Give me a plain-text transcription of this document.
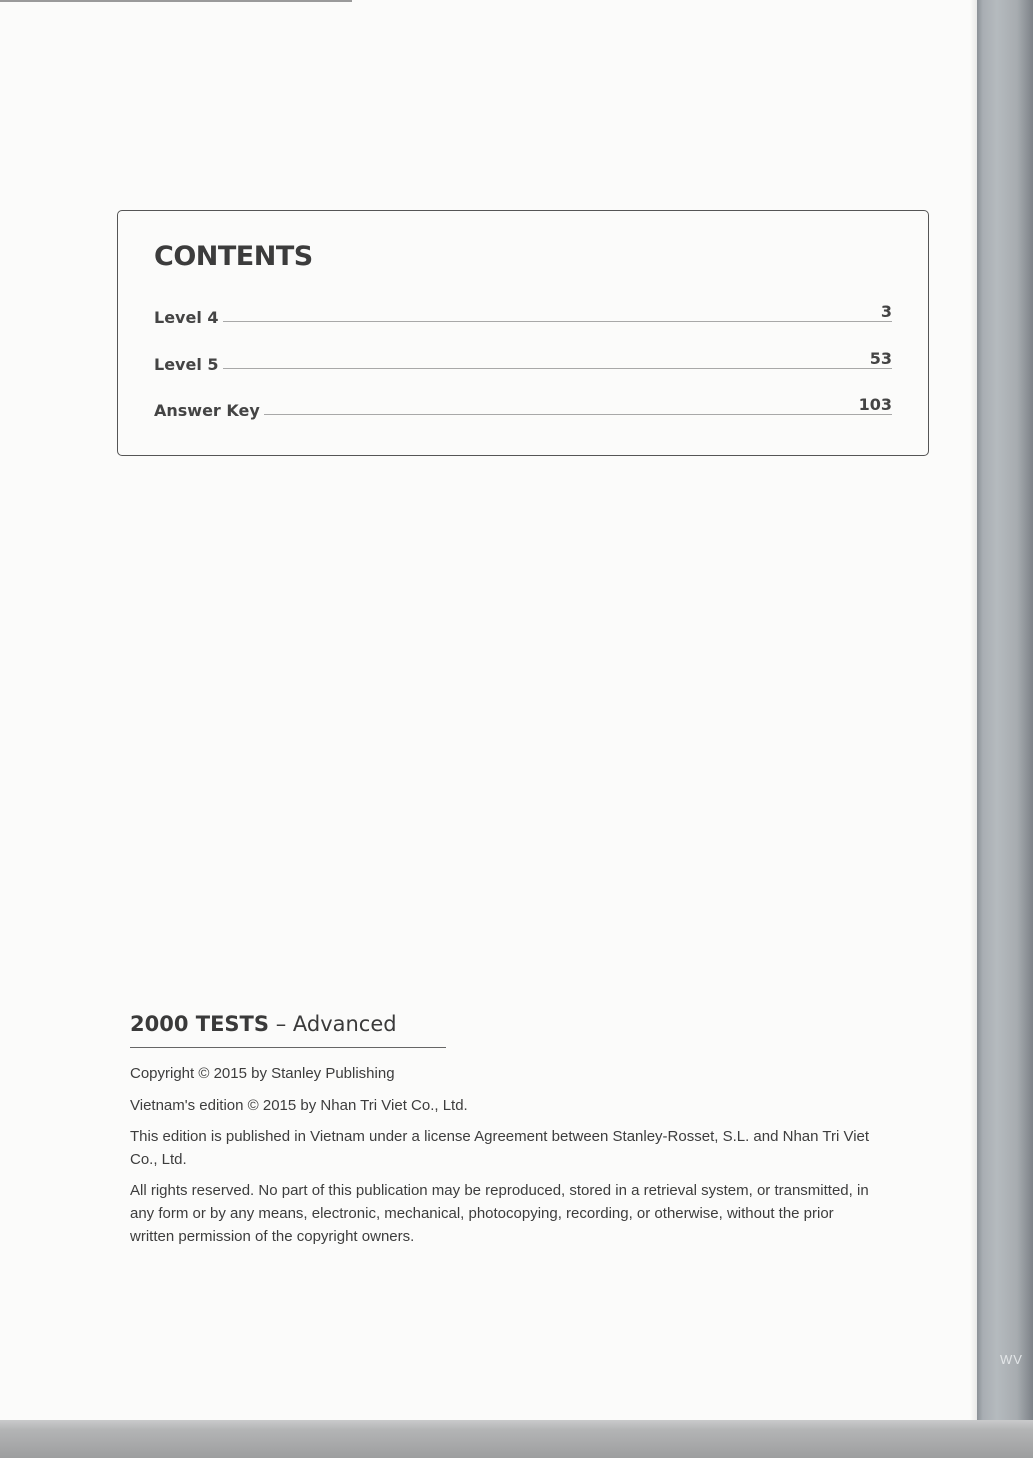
WV
CONTENTS
Level 4	3
Level 5	53
Answer Key	103
2000 TESTS – Advanced
Copyright © 2015 by Stanley Publishing
Vietnam's edition © 2015 by Nhan Tri Viet Co., Ltd.
This edition is published in Vietnam under a license Agreement between Stanley-Rosset, S.L. and Nhan Tri Viet Co., Ltd.
All rights reserved. No part of this publication may be reproduced, stored in a retrieval system, or transmitted, in any form or by any means, electronic, mechanical, photocopying, recording, or otherwise, without the prior written permission of the copyright owners.
